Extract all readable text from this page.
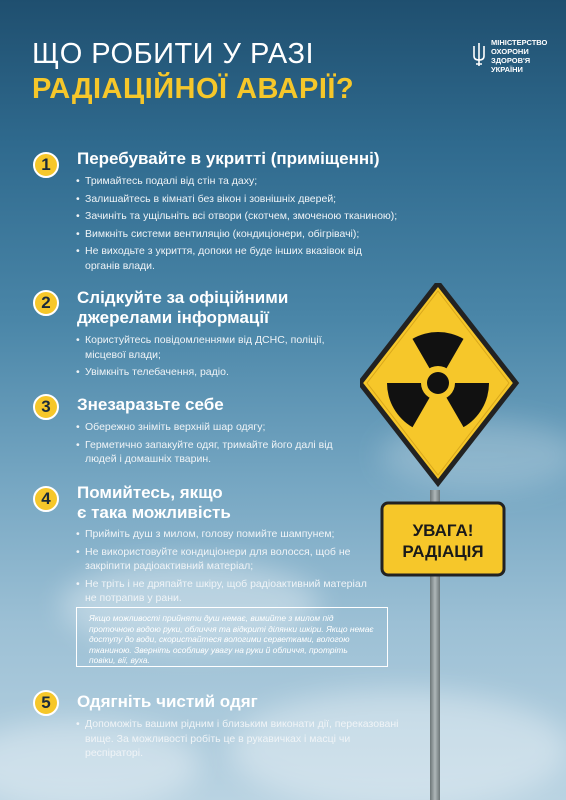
ЩО РОБИТИ У РАЗІ
РАДІАЦІЙНОЇ АВАРІЇ?
МІНІСТЕРСТВО
ОХОРОНИ
ЗДОРОВ'Я
УКРАЇНИ
УВАГА!
РАДІАЦІЯ
1	Перебувайте в укритті (приміщенні)
• Тримайтесь подалі від стін та даху;
• Залишайтесь в кімнаті без вікон і зовнішніх дверей;
• Зачиніть та ущільніть всі отвори (скотчем, змоченою тканиною);
• Вимкніть системи вентиляцію (кондиціонери, обігрівачі);
• Не виходьте з укриття, допоки не буде інших вказівок від органів влади.
2	Слідкуйте за офіційними
джерелами інформації
• Користуйтесь повідомленнями від ДСНС, поліції, місцевої влади;
• Увімкніть телебачення, радіо.
3	Знезаразьте себе
• Обережно зніміть верхній шар одягу;
• Герметично запакуйте одяг, тримайте його далі від людей і домашніх тварин.
4	Помийтесь, якщо
є така можливість
• Прийміть душ з милом, голову помийте шампунем;
• Не використовуйте кондиціонери для волосся, щоб не закріпити радіоактивний матеріал;
• Не тріть і не дряпайте шкіру, щоб радіоактивний матеріал не потрапив у рани.
Якщо можливості прийняти душ немає, вимийте з милом під проточною водою руки, обличчя та відкриті ділянки шкіри. Якщо немає доступу до води, скористайтеся вологими серветками, вологою тканиною. Зверніть особливу увагу на руки й обличчя, протріть повіки, вії, вуха.
5	Одягніть чистий одяг
• Допоможіть вашим рідним і близьким виконати дії, переказовані вище. За можливості робіть це в рукавичках і масці чи респіраторі.
